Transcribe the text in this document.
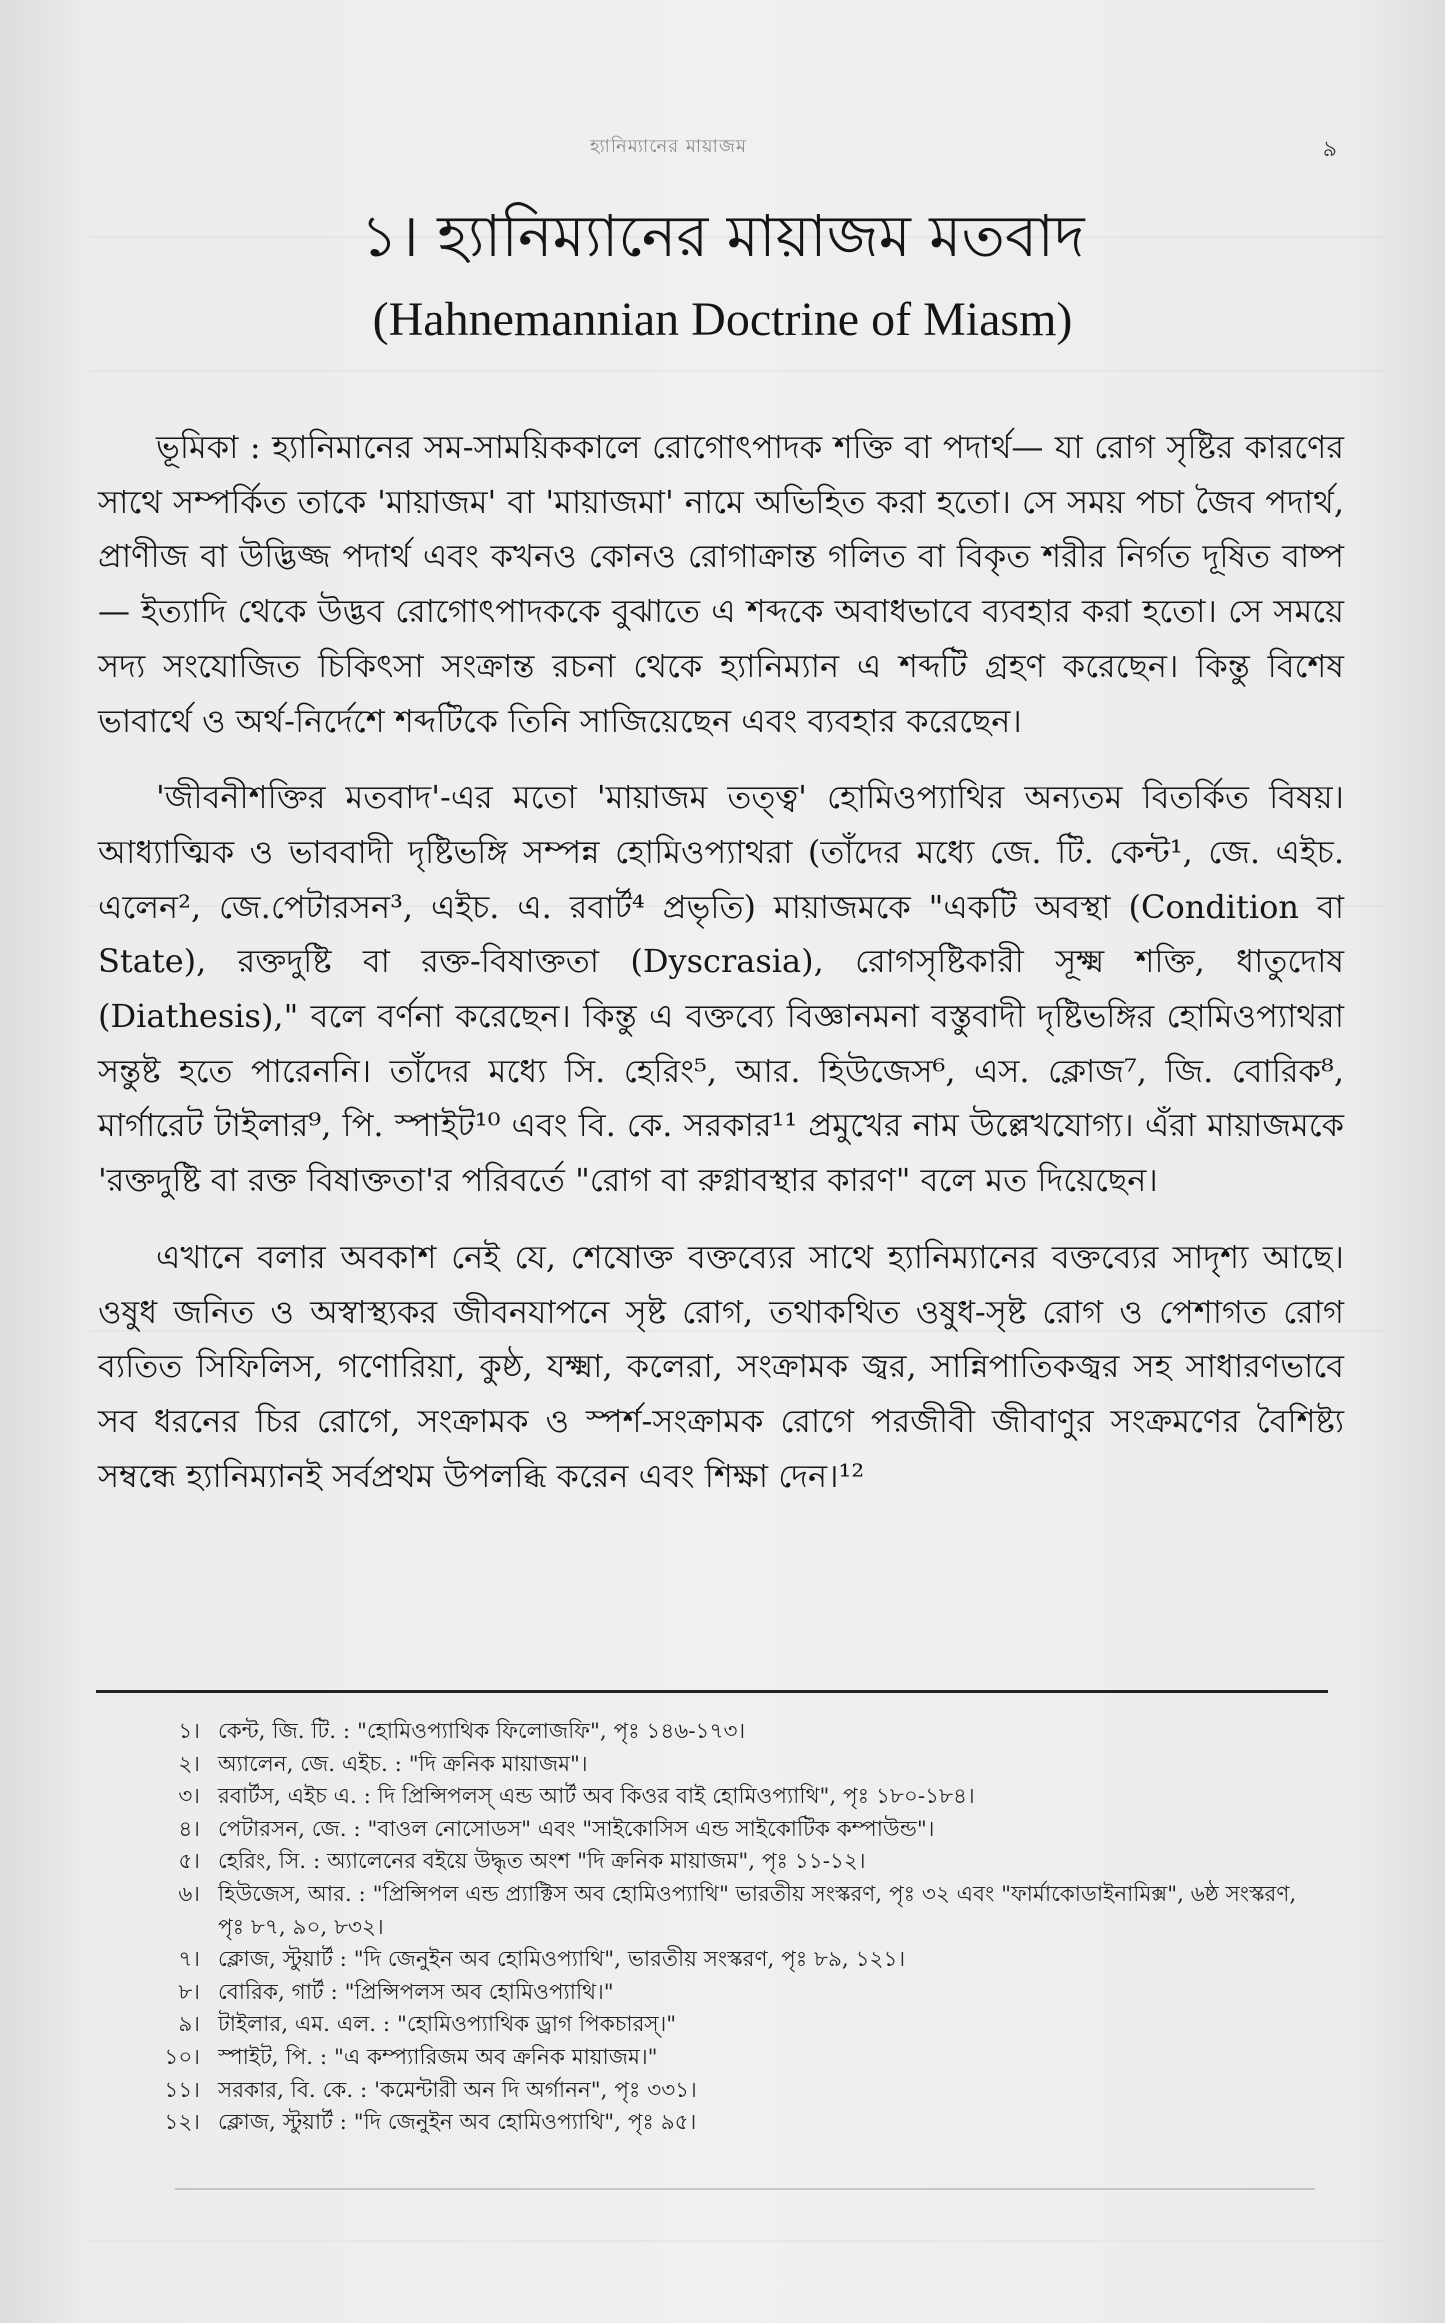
হ্যানিম্যানের মায়াজম	৯
১। হ্যানিম্যানের মায়াজম মতবাদ
(Hahnemannian Doctrine of Miasm)

ভূমিকা : হ্যানিমানের সম-সাময়িককালে রোগোৎপাদক শক্তি বা পদার্থ— যা রোগ সৃষ্টির কারণের সাথে সম্পর্কিত তাকে 'মায়াজম' বা 'মায়াজমা' নামে অভিহিত করা হতো। সে সময় পচা জৈব পদার্থ, প্রাণীজ বা উদ্ভিজ্জ পদার্থ এবং কখনও কোনও রোগাক্রান্ত গলিত বা বিকৃত শরীর নির্গত দূষিত বাষ্প— ইত্যাদি থেকে উদ্ভব রোগোৎপাদককে বুঝাতে এ শব্দকে অবাধভাবে ব্যবহার করা হতো। সে সময়ে সদ্য সংযোজিত চিকিৎসা সংক্রান্ত রচনা থেকে হ্যানিম্যান এ শব্দটি গ্রহণ করেছেন। কিন্তু বিশেষ ভাবার্থে ও অর্থ-নির্দেশে শব্দটিকে তিনি সাজিয়েছেন এবং ব্যবহার করেছেন।

'জীবনীশক্তির মতবাদ'-এর মতো 'মায়াজম তত্ত্ব' হোমিওপ্যাথির অন্যতম বিতর্কিত বিষয়। আধ্যাত্মিক ও ভাববাদী দৃষ্টিভঙ্গি সম্পন্ন হোমিওপ্যাথরা (তাঁদের মধ্যে জে. টি. কেন্ট¹, জে. এইচ. এলেন², জে.পেটারসন³, এইচ. এ. রবার্ট⁴ প্রভৃতি) মায়াজমকে "একটি অবস্থা (Condition বা State), রক্তদুষ্টি বা রক্ত-বিষাক্ততা (Dyscrasia), রোগসৃষ্টিকারী সূক্ষ্ম শক্তি, ধাতুদোষ (Diathesis)," বলে বর্ণনা করেছেন। কিন্তু এ বক্তব্যে বিজ্ঞানমনা বস্তুবাদী দৃষ্টিভঙ্গির হোমিওপ্যাথরা সন্তুষ্ট হতে পারেননি। তাঁদের মধ্যে সি. হেরিং⁵, আর. হিউজেস⁶, এস. ক্লোজ⁷, জি. বোরিক⁸, মার্গারেট টাইলার⁹, পি. স্পাইট¹⁰ এবং বি. কে. সরকার¹¹ প্রমুখের নাম উল্লেখযোগ্য। এঁরা মায়াজমকে 'রক্তদুষ্টি বা রক্ত বিষাক্ততা'র পরিবর্তে "রোগ বা রুগ্নাবস্থার কারণ" বলে মত দিয়েছেন।

এখানে বলার অবকাশ নেই যে, শেষোক্ত বক্তব্যের সাথে হ্যানিম্যানের বক্তব্যের সাদৃশ্য আছে। ওষুধ জনিত ও অস্বাস্থ্যকর জীবনযাপনে সৃষ্ট রোগ, তথাকথিত ওষুধ-সৃষ্ট রোগ ও পেশাগত রোগ ব্যতিত সিফিলিস, গণোরিয়া, কুষ্ঠ, যক্ষ্মা, কলেরা, সংক্রামক জ্বর, সান্নিপাতিকজ্বর সহ সাধারণভাবে সব ধরনের চির রোগে, সংক্রামক ও স্পর্শ-সংক্রামক রোগে পরজীবী জীবাণুর সংক্রমণের বৈশিষ্ট্য সম্বন্ধে হ্যানিম্যানই সর্বপ্রথম উপলব্ধি করেন এবং শিক্ষা দেন।¹²

১। কেন্ট, জি. টি. : "হোমিওপ্যাথিক ফিলোজফি", পৃঃ ১৪৬-১৭৩।
২। অ্যালেন, জে. এইচ. : "দি ক্রনিক মায়াজম"।
৩। রবার্টস, এইচ এ. : দি প্রিন্সিপলস্ এন্ড আর্ট অব কিওর বাই হোমিওপ্যাথি", পৃঃ ১৮০-১৮৪।
৪। পেটারসন, জে. : "বাওল নোসোডস" এবং "সাইকোসিস এন্ড সাইকোটিক কম্পাউন্ড"।
৫। হেরিং, সি. : অ্যালেনের বইয়ে উদ্ধৃত অংশ "দি ক্রনিক মায়াজম", পৃঃ ১১-১২।
৬। হিউজেস, আর. : "প্রিন্সিপল এন্ড প্র্যাক্টিস অব হোমিওপ্যাথি" ভারতীয় সংস্করণ, পৃঃ ৩২ এবং "ফার্মাকোডাইনামিক্স", ৬ষ্ঠ সংস্করণ, পৃঃ ৮৭, ৯০, ৮৩২।
৭। ক্লোজ, স্টুয়ার্ট : "দি জেনুইন অব হোমিওপ্যাথি", ভারতীয় সংস্করণ, পৃঃ ৮৯, ১২১।
৮। বোরিক, গার্ট : "প্রিন্সিপলস অব হোমিওপ্যাথি।"
৯। টাইলার, এম. এল. : "হোমিওপ্যাথিক ড্রাগ পিকচারস্।"
১০। স্পাইট, পি. : "এ কম্প্যারিজম অব ক্রনিক মায়াজম।"
১১। সরকার, বি. কে. : 'কমেন্টারী অন দি অর্গানন", পৃঃ ৩৩১।
১২। ক্লোজ, স্টুয়ার্ট : "দি জেনুইন অব হোমিওপ্যাথি", পৃঃ ৯৫।
